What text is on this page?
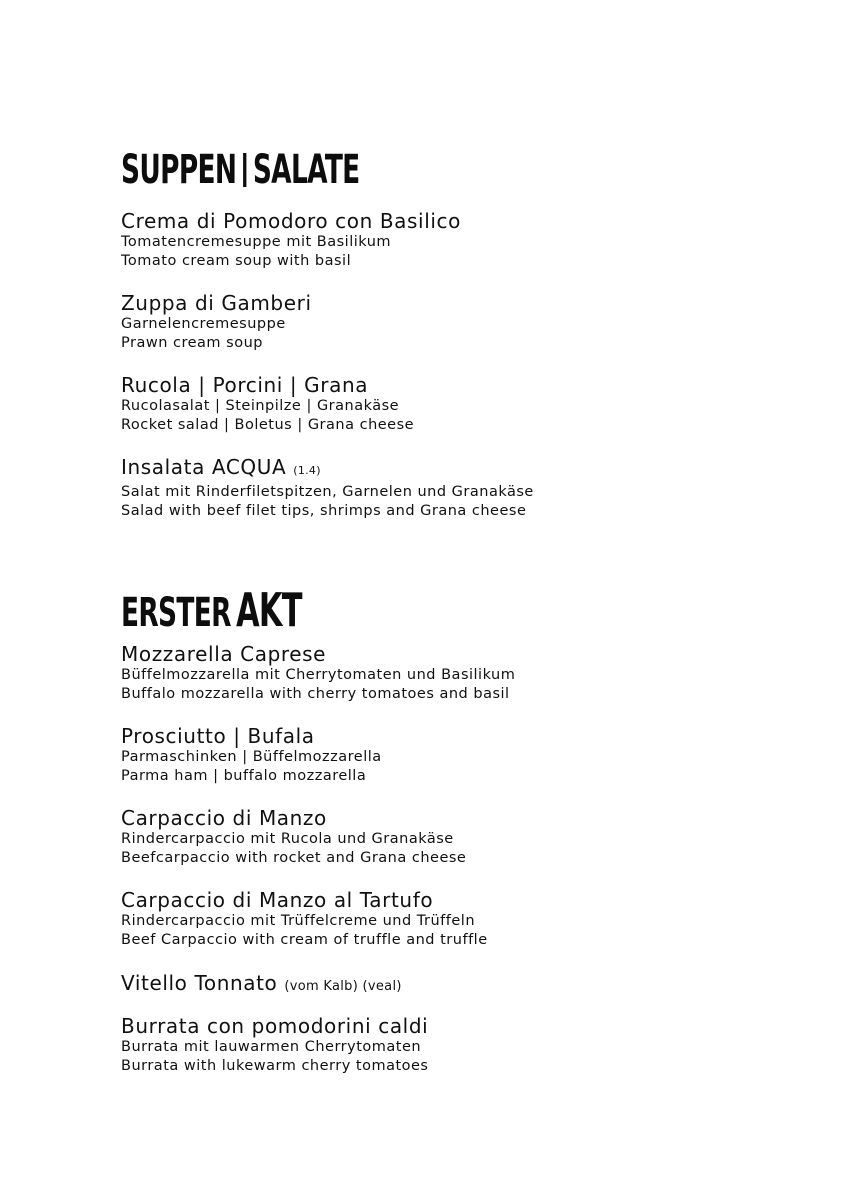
SUPPEN SALATE
Crema di Pomodoro con Basilico
Tomatencremesuppe mit Basilikum
Tomato cream soup with basil
Zuppa di Gamberi
Garnelencremesuppe
Prawn cream soup
Rucola | Porcini | Grana
Rucolasalat | Steinpilze | Granakäse
Rocket salad | Boletus | Grana cheese
Insalata ACQUA (1.4)
Salat mit Rinderfiletspitzen, Garnelen und Granakäse
Salad with beef filet tips, shrimps and Grana cheese
ERSTER AKT
Mozzarella Caprese
Büffelmozzarella mit Cherrytomaten und Basilikum
Buffalo mozzarella with cherry tomatoes and basil
Prosciutto | Bufala
Parmaschinken | Büffelmozzarella
Parma ham | buffalo mozzarella
Carpaccio di Manzo
Rindercarpaccio mit Rucola und Granakäse
Beefcarpaccio with rocket and Grana cheese
Carpaccio di Manzo al Tartufo
Rindercarpaccio mit Trüffelcreme und Trüffeln
Beef Carpaccio with cream of truffle and truffle
Vitello Tonnato (vom Kalb) (veal)
Burrata con pomodorini caldi
Burrata mit lauwarmen Cherrytomaten
Burrata with lukewarm cherry tomatoes
